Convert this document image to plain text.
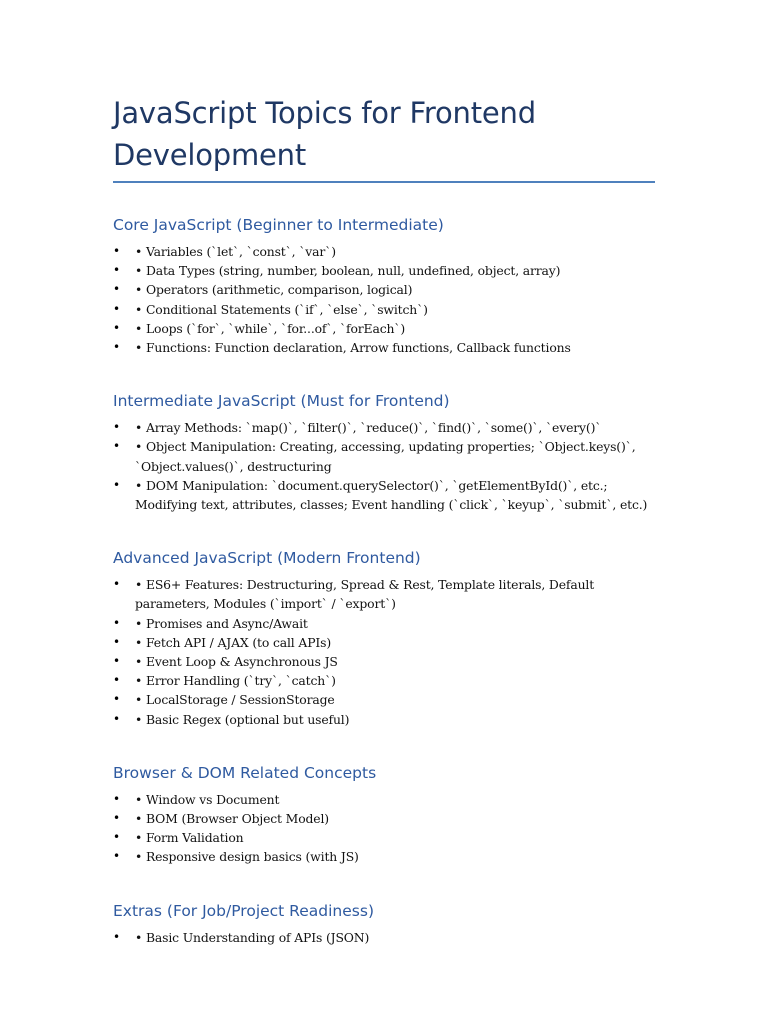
JavaScript Topics for Frontend Development
Core JavaScript (Beginner to Intermediate)
• • Variables (`let`, `const`, `var`)
• • Data Types (string, number, boolean, null, undefined, object, array)
• • Operators (arithmetic, comparison, logical)
• • Conditional Statements (`if`, `else`, `switch`)
• • Loops (`for`, `while`, `for...of`, `forEach`)
• • Functions: Function declaration, Arrow functions, Callback functions
Intermediate JavaScript (Must for Frontend)
• • Array Methods: `map()`, `filter()`, `reduce()`, `find()`, `some()`, `every()`
• • Object Manipulation: Creating, accessing, updating properties; `Object.keys()`, `Object.values()`, destructuring
• • DOM Manipulation: `document.querySelector()`, `getElementById()`, etc.; Modifying text, attributes, classes; Event handling (`click`, `keyup`, `submit`, etc.)
Advanced JavaScript (Modern Frontend)
• • ES6+ Features: Destructuring, Spread & Rest, Template literals, Default parameters, Modules (`import` / `export`)
• • Promises and Async/Await
• • Fetch API / AJAX (to call APIs)
• • Event Loop & Asynchronous JS
• • Error Handling (`try`, `catch`)
• • LocalStorage / SessionStorage
• • Basic Regex (optional but useful)
Browser & DOM Related Concepts
• • Window vs Document
• • BOM (Browser Object Model)
• • Form Validation
• • Responsive design basics (with JS)
Extras (For Job/Project Readiness)
• • Basic Understanding of APIs (JSON)
